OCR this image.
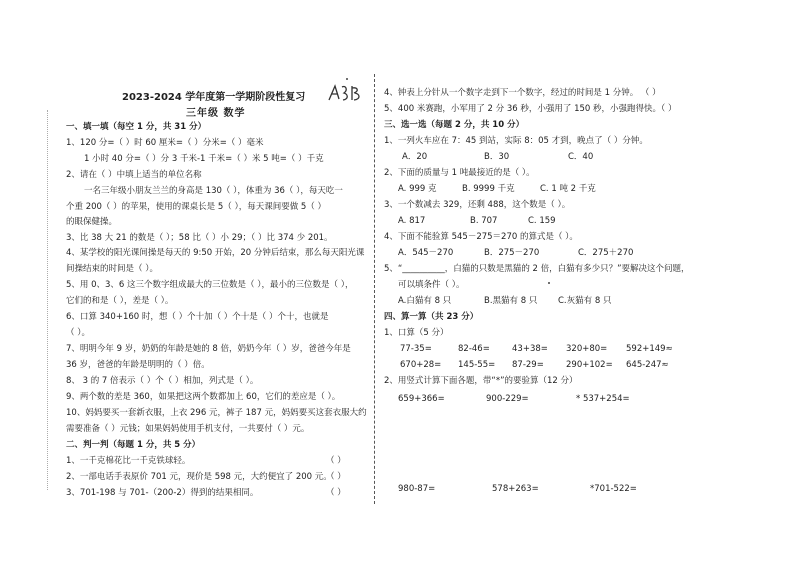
2023-2024 学年度第一学期阶段性复习
三年级 数学
一、填一填（每空 1 分，共 31 分）
1、120 分=（ ）时 60 厘米=（ ）分米=（ ）毫米
1 小时 40 分=（ ）分 3 千米-1 千米=（ ）米 5 吨=（ ）千克
2、请在（ ）中填上适当的单位名称
一名三年级小朋友兰兰的身高是 130（ ），体重为 36（ ），每天吃一
个重 200（ ）的苹果，使用的课桌长是 5（ ），每天课间要做 5（ ）
的眼保健操。
3、比 38 大 21 的数是（ ）；58 比（ ）小 29；（ ）比 374 少 201。
4、某学校的阳光课间操是每天的 9:50 开始，20 分钟后结束，那么每天阳光课
间操结束的时间是（ ）。
5、用 0、3、6 这三个数字组成最大的三位数是（ ），最小的三位数是（ ），
它们的和是（ ），差是（ ）。
6、口算 340+160 时，想（ ）个十加（ ）个十是（ ）个十，也就是
（ ）。
7、明明今年 9 岁，奶奶的年龄是她的 8 倍，奶奶今年（ ）岁，爸爸今年是
36 岁，爸爸的年龄是明明的（ ）倍。
8、 3 的 7 倍表示（ ）个（ ）相加，列式是（ ）。
9、两个数的差是 360，如果把这两个数都加上 60，它们的差应是（ ）。
10、妈妈要买一套新衣服，上衣 296 元，裤子 187 元，妈妈要买这套衣服大约
需要准备（ ）元钱；如果妈妈使用手机支付，一共要付（ ）元。
二、判一判（每题 1 分，共 5 分）
1、一千克棉花比一千克铁球轻。	（ ）
2、一部电话手表原价 701 元，现价是 598 元，大约便宜了 200 元。
（ ）
3、701-198 与 701-（200-2）得到的结果相同。	（ ）
4、钟表上分针从一个数字走到下一个数字，经过的时间是 1 分钟。 （ ）
5、400 米赛跑，小军用了 2 分 36 秒，小强用了 150 秒，小强跑得快。（ ）
三、选一选（每题 2 分，共 10 分）
1、一列火车应在 7：45 到站，实际 8：05 才到，晚点了（ ）分钟。
A．20	B．30	C．40
2、下面的质量与 1 吨最接近的是（ ）。
A. 999 克	B. 9999 千克	C. 1 吨 2 千克
3、一个数减去 329，还剩 488，这个数是（ ）。
A. 817	B. 707	C. 159
4、下面不能验算 545－275＝270 的算式是（ ）。
A．545－270	B．275－270	C．275＋270
5、“__________，白猫的只数是黑猫的 2 倍，白猫有多少只？”要解决这个问题，
可以填条件（ ）。
A.白猫有 8 只	B.黑猫有 8 只 C.灰猫有 8 只
四、算一算（共 23 分）
1、口算（5 分）
77-35=	82-46=	43+38= 320+80= 592+149≈
670+28= 145-55= 87-29=	290+102= 645-247≈
2、用竖式计算下面各题，带“*”的要验算（12 分）
659+366=	900-229=	* 537+254=
980-87=	578+263=	*701-522=
